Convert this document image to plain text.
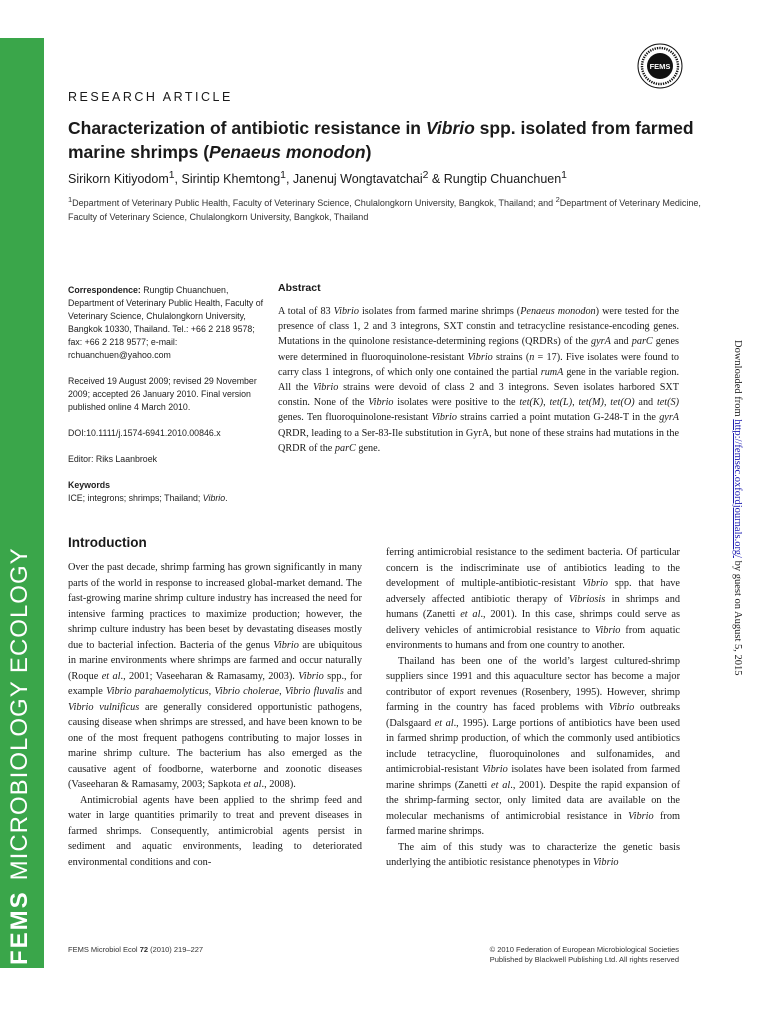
FEMSMICROBIOLOGY ECOLOGY
FEMS
Downloaded from http://femsec.oxfordjournals.org/ by guest on August 5, 2015
RESEARCH ARTICLE
Characterization of antibiotic resistance in Vibrio spp. isolated from farmed marine shrimps (Penaeus monodon)
Sirikorn Kitiyodom$^1$, Sirintip Khemtong$^1$, Janenuj Wongtavatchai$^2$ & Rungtip Chuanchuen$^1$
$^1$Department of Veterinary Public Health, Faculty of Veterinary Science, Chulalongkorn University, Bangkok, Thailand; and $^2$Department of Veterinary Medicine, Faculty of Veterinary Science, Chulalongkorn University, Bangkok, Thailand

Correspondence: Rungtip Chuanchuen, Department of Veterinary Public Health, Faculty of Veterinary Science, Chulalongkorn University, Bangkok 10330, Thailand. Tel.: +66 2 218 9578; fax: +66 2 218 9577; e-mail: rchuanchuen@yahoo.com

Received 19 August 2009; revised 29 November 2009; accepted 26 January 2010. Final version published online 4 March 2010.

DOI:10.1111/j.1574-6941.2010.00846.x

Editor: Riks Laanbroek

Keywords

ICE; integrons; shrimps; Thailand; Vibrio.

Abstract
A total of 83 Vibrio isolates from farmed marine shrimps (Penaeus monodon) were tested for the presence of class 1, 2 and 3 integrons, SXT constin and tetracycline resistance-encoding genes. Mutations in the quinolone resistance-determining regions (QRDRs) of the gyrA and parC genes were determined in fluoroquinolone-resistant Vibrio strains (n = 17). Five isolates were found to carry class 1 integrons, of which only one contained the partial rumA gene in the variable region. All the Vibrio strains were devoid of class 2 and 3 integrons. Seven isolates harbored SXT constin. None of the Vibrio isolates were positive to the tet(K), tet(L), tet(M), tet(O) and tet(S) genes. Ten fluoroquinolone-resistant Vibrio strains carried a point mutation G-248-T in the gyrA QRDR, leading to a Ser-83-Ile substitution in GyrA, but none of these strains had mutations in the QRDR of the parC gene.
Introduction

Over the past decade, shrimp farming has grown significantly in many parts of the world in response to increased global-market demand. The fast-growing marine shrimp culture industry has increased the need for intensive farming practices to maximize production; however, the shrimp culture industry has been beset by devastating diseases mostly due to bacterial infection. Bacteria of the genus Vibrio are ubiquitous in marine environments where shrimps are farmed and occur naturally (Roque et al., 2001; Vaseeharan & Ramasamy, 2003). Vibrio spp., for example Vibrio parahaemolyticus, Vibrio cholerae, Vibrio fluvalis and Vibrio vulnificus are generally considered opportunistic pathogens, causing disease when shrimps are stressed, and have been known to be one of the most frequent pathogens contributing to major losses in marine shrimp culture. The bacterium has also emerged as the causative agent of foodborne, waterborne and zoonotic diseases (Vaseeharan & Ramasamy, 2003; Sapkota et al., 2008).

Antimicrobial agents have been applied to the shrimp feed and water in large quantities primarily to treat and prevent diseases in farmed shrimps. Consequently, antimicrobial agents persist in sediment and aquatic environments, leading to deteriorated environmental conditions and con-

ferring antimicrobial resistance to the sediment bacteria. Of particular concern is the indiscriminate use of antibiotics leading to the development of multiple-antibiotic-resistant Vibrio spp. that have adversely affected antibiotic therapy of Vibriosis in shrimps and humans (Zanetti et al., 2001). In this case, shrimps could serve as delivery vehicles of antimicrobial resistance to Vibrio from aquatic environments to humans and from one country to another.

Thailand has been one of the world’s largest cultured-shrimp suppliers since 1991 and this aquaculture sector has become a major contributor of export revenues (Rosenbery, 1995). However, shrimp farming in the country has faced problems with Vibrio outbreaks (Dalsgaard et al., 1995). Large portions of antibiotics have been used in farmed shrimp production, of which the commonly used antibiotics include tetracycline, fluoroquinolones and sulfonamides, and antimicrobial-resistant Vibrio isolates have been isolated from farmed marine shrimps (Zanetti et al., 2001). Despite the rapid expansion of the shrimp-farming sector, only limited data are available on the molecular mechanisms of antimicrobial resistance in Vibrio from farmed marine shrimps.

The aim of this study was to characterize the genetic basis underlying the antibiotic resistance phenotypes in Vibrio

FEMS Microbiol Ecol 72 (2010) 219–227	© 2010 Federation of European Microbiological Societies
Published by Blackwell Publishing Ltd. All rights reserved
